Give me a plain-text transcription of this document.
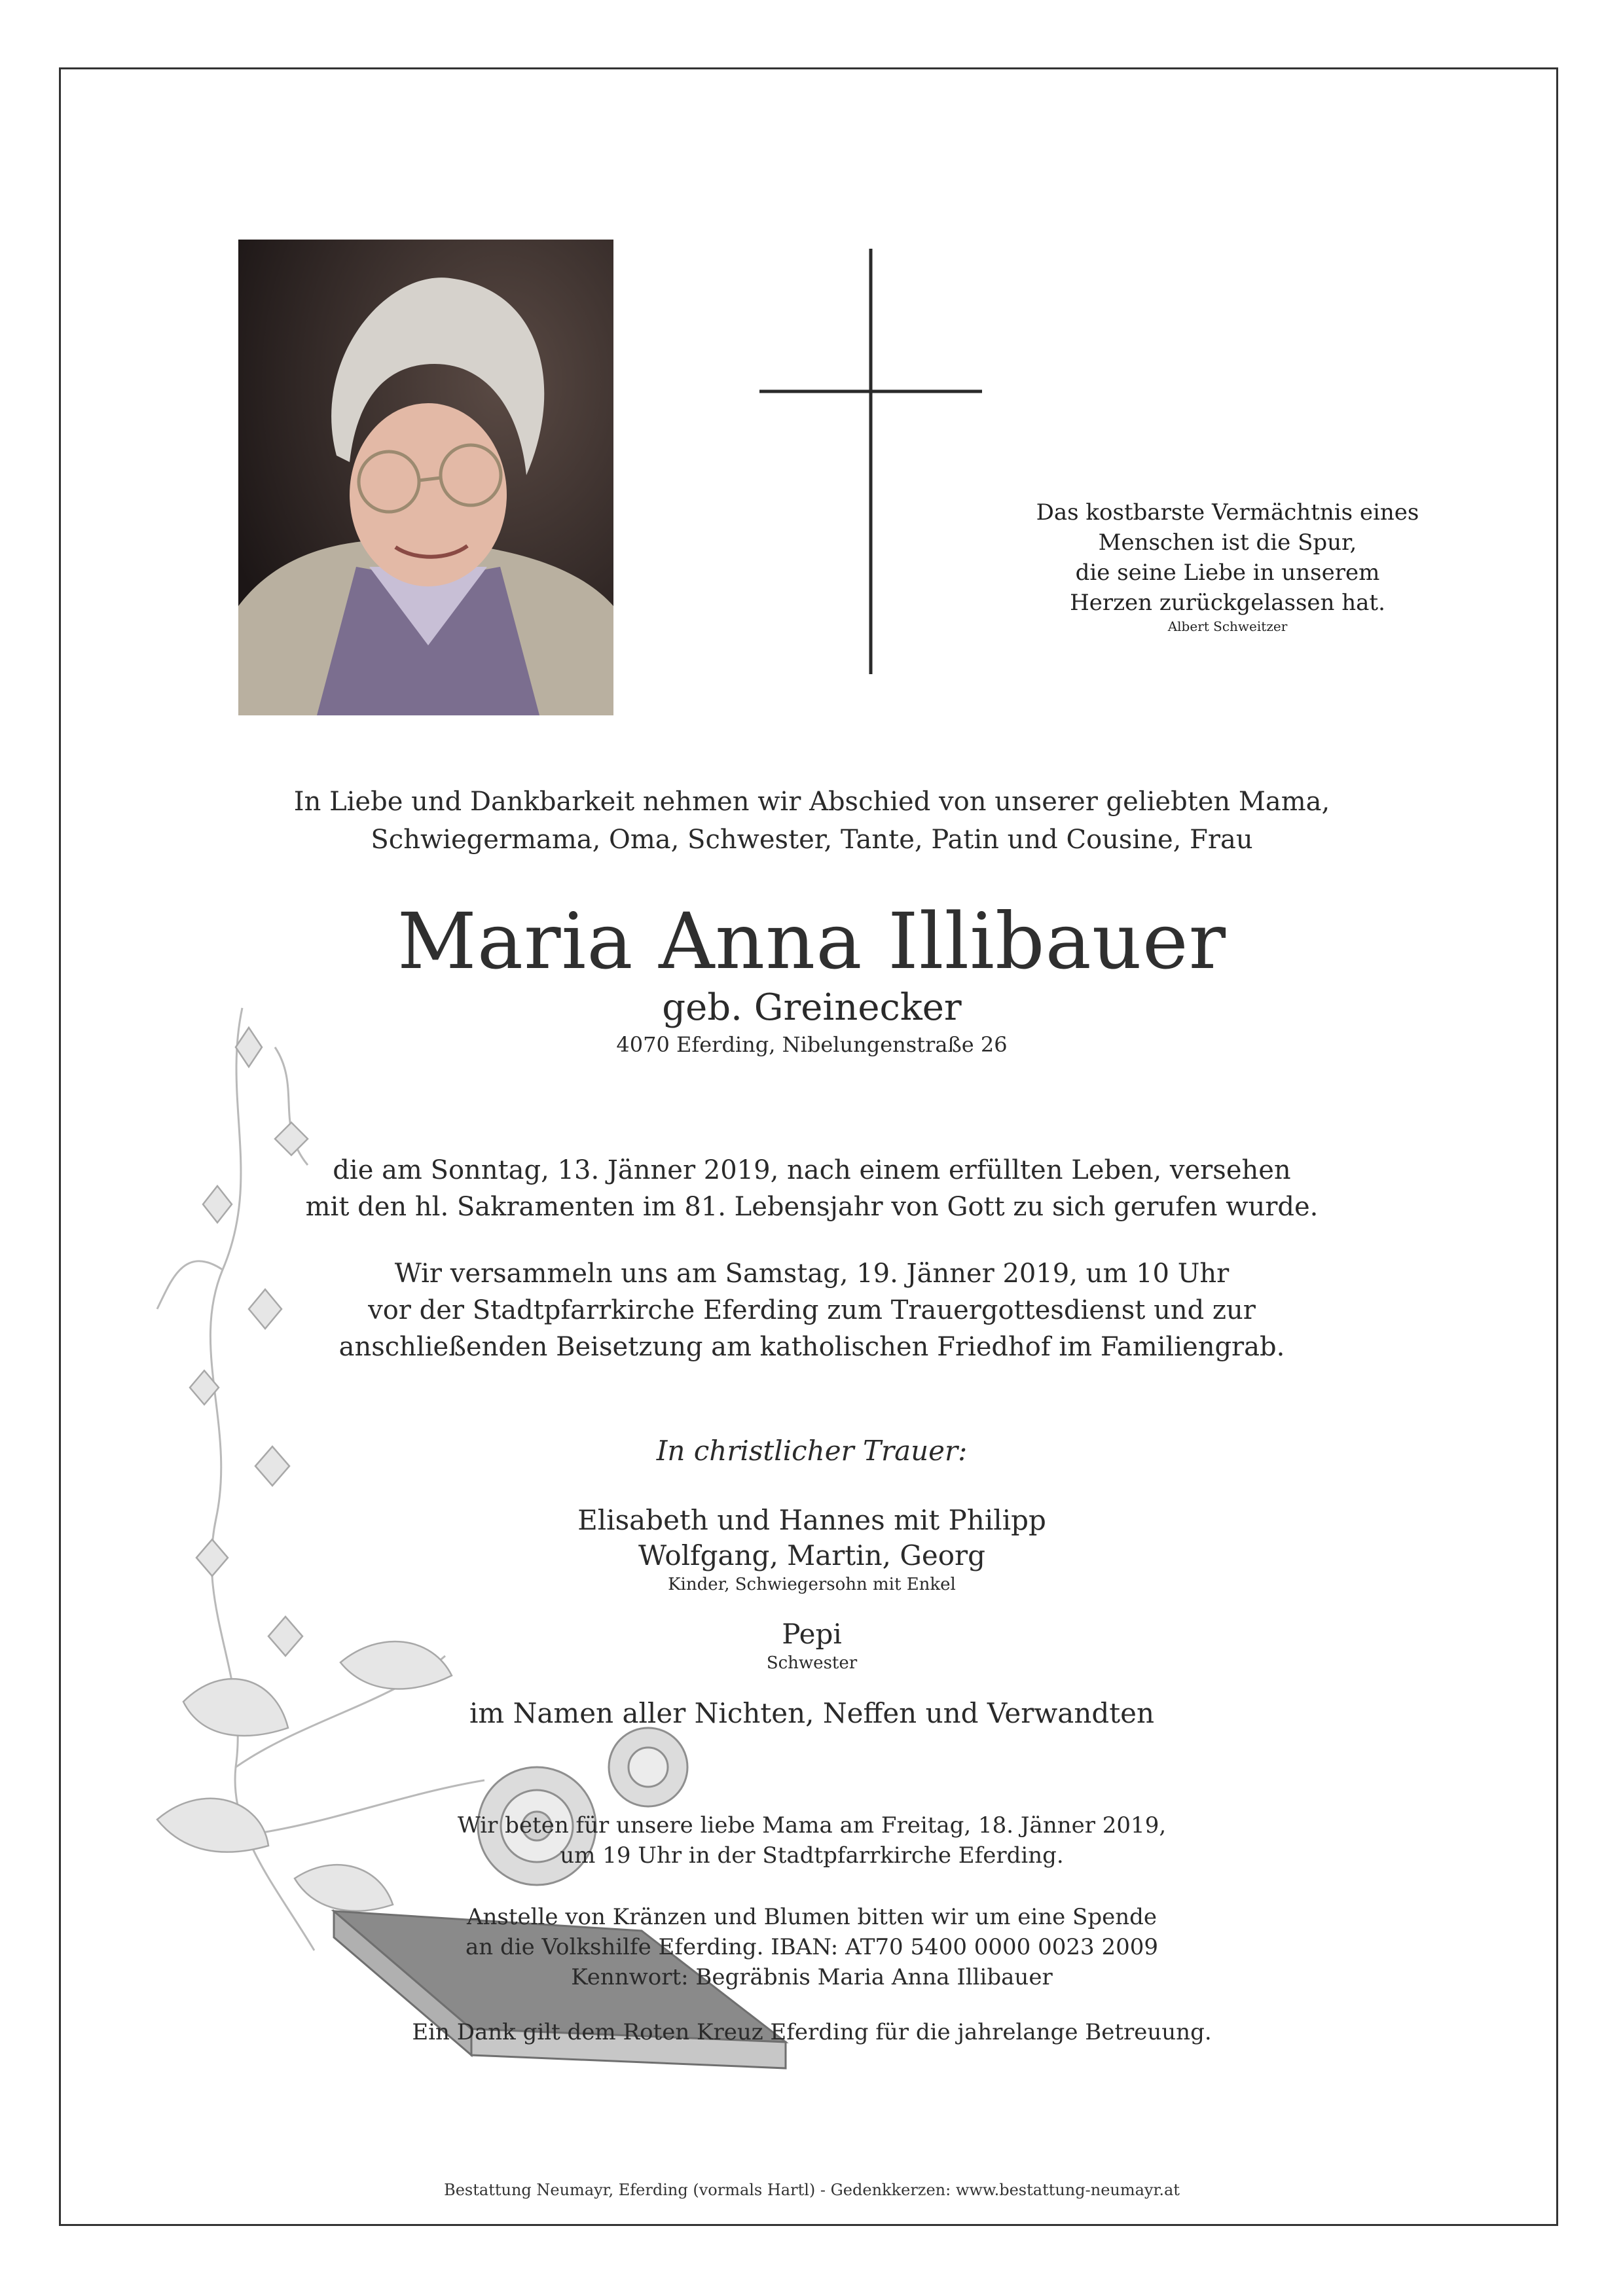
Das kostbarste Vermächtnis eines

Menschen ist die Spur,

die seine Liebe in unserem

Herzen zurückgelassen hat.

Albert Schweitzer

In Liebe und Dankbarkeit nehmen wir Abschied von unserer geliebten Mama,

Schwiegermama, Oma, Schwester, Tante, Patin und Cousine, Frau

Maria Anna Illibauer
geb. Greinecker
4070 Eferding, Nibelungenstraße 26

die am Sonntag, 13. Jänner 2019, nach einem erfüllten Leben, versehen

mit den hl. Sakramenten im 81. Lebensjahr von Gott zu sich gerufen wurde.

Wir versammeln uns am Samstag, 19. Jänner 2019, um 10 Uhr

vor der Stadtpfarrkirche Eferding zum Trauergottesdienst und zur

anschließenden Beisetzung am katholischen Friedhof im Familiengrab.

In christlicher Trauer:

Elisabeth und Hannes mit Philipp

Wolfgang, Martin, Georg

Kinder, Schwiegersohn mit Enkel

Pepi

Schwester

im Namen aller Nichten, Neffen und Verwandten

Wir beten für unsere liebe Mama am Freitag, 18. Jänner 2019,

um 19 Uhr in der Stadtpfarrkirche Eferding.

Anstelle von Kränzen und Blumen bitten wir um eine Spende

an die Volkshilfe Eferding. IBAN: AT70 5400 0000 0023 2009

Kennwort: Begräbnis Maria Anna Illibauer

Ein Dank gilt dem Roten Kreuz Eferding für die jahrelange Betreuung.
Bestattung Neumayr, Eferding (vormals Hartl) - Gedenkkerzen: www.bestattung-neumayr.at
